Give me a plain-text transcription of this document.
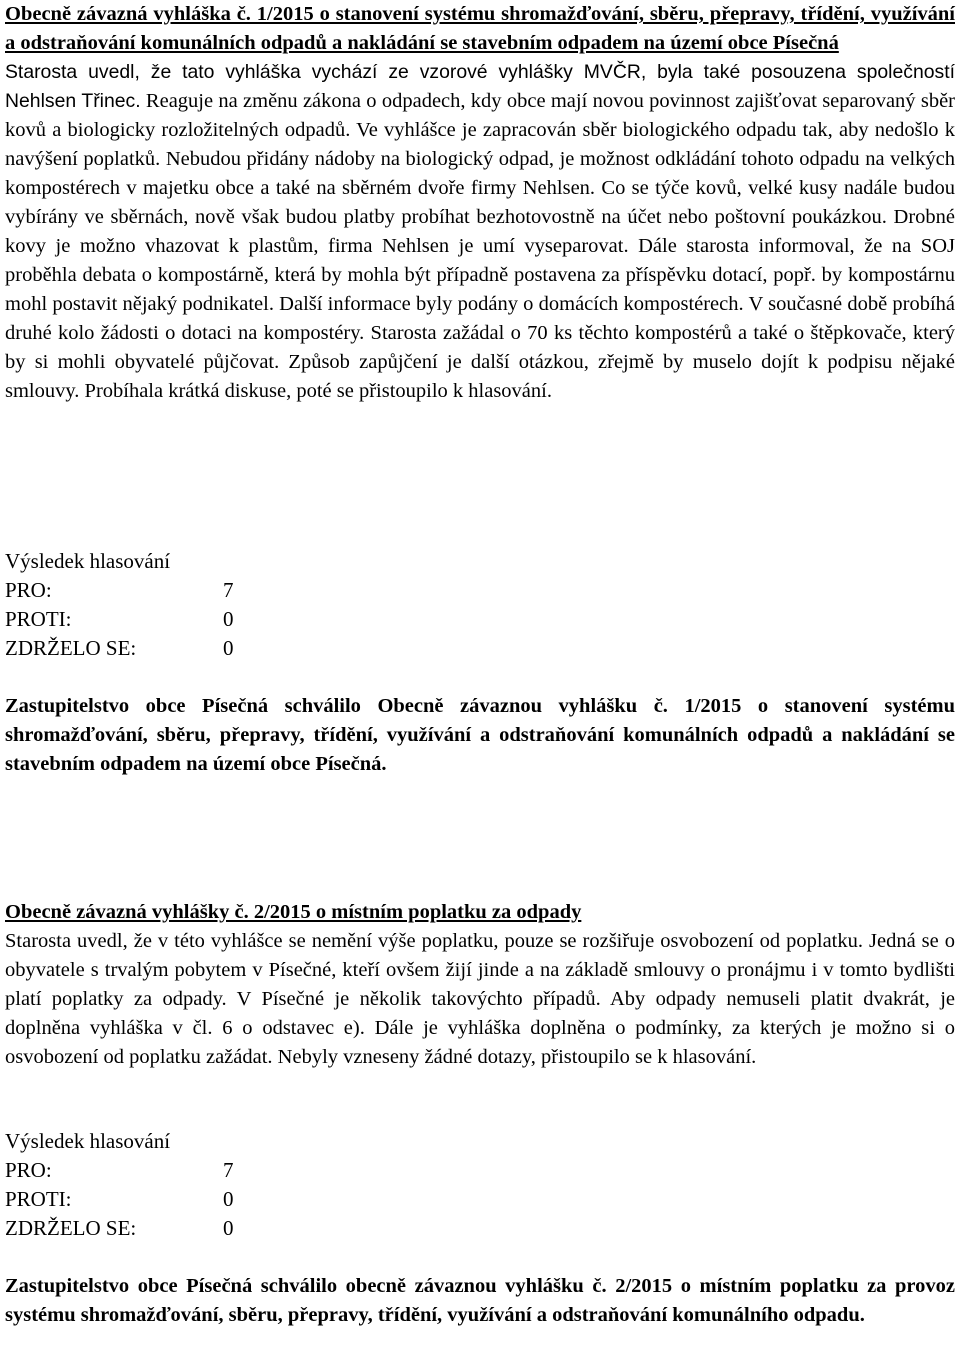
Obecně závazná vyhláška č. 1/2015 o stanovení systému shromažďování, sběru, přepravy, třídění, využívání a odstraňování komunálních odpadů a nakládání se stavebním odpadem na území obce Písečná

Starosta uvedl, že tato vyhláška vychází ze vzorové vyhlášky MVČR, byla také posouzena společností Nehlsen Třinec. Reaguje na změnu zákona o odpadech, kdy obce mají novou povinnost zajišťovat separovaný sběr kovů a biologicky rozložitelných odpadů. Ve vyhlášce je zapracován sběr biologického odpadu tak, aby nedošlo k navýšení poplatků. Nebudou přidány nádoby na biologický odpad, je možnost odkládání tohoto odpadu na velkých kompostérech v majetku obce a také na sběrném dvoře firmy Nehlsen. Co se týče kovů, velké kusy nadále budou vybírány ve sběrnách, nově však budou platby probíhat bezhotovostně na účet nebo poštovní poukázkou. Drobné kovy je možno vhazovat k plastům, firma Nehlsen je umí vyseparovat. Dále starosta informoval, že na SOJ proběhla debata o kompostárně, která by mohla být případně postavena za příspěvku dotací, popř. by kompostárnu mohl postavit nějaký podnikatel. Další informace byly podány o domácích kompostérech. V současné době probíhá druhé kolo žádosti o dotaci na kompostéry. Starosta zažádal o 70 ks těchto kompostérů a také o štěpkovače, který by si mohli obyvatelé půjčovat. Způsob zapůjčení je další otázkou, zřejmě by muselo dojít k podpisu nějaké smlouvy. Probíhala krátká diskuse, poté se přistoupilo k hlasování.

Výsledek hlasování

PRO:	7
PROTI:	0
ZDRŽELO SE:	0

Zastupitelstvo obce Písečná schválilo Obecně závaznou vyhlášku č. 1/2015 o stanovení systému shromažďování, sběru, přepravy, třídění, využívání a odstraňování komunálních odpadů a nakládání se stavebním odpadem na území obce Písečná.

Obecně závazná vyhlášky č. 2/2015 o místním poplatku za odpady

Starosta uvedl, že v této vyhlášce se nemění výše poplatku, pouze se rozšiřuje osvobození od poplatku. Jedná se o obyvatele s trvalým pobytem v Písečné, kteří ovšem žijí jinde a na základě smlouvy o pronájmu i v tomto bydlišti platí poplatky za odpady. V Písečné je několik takovýchto případů. Aby odpady nemuseli platit dvakrát, je doplněna vyhláška v čl. 6 o odstavec e). Dále je vyhláška doplněna o podmínky, za kterých je možno si o osvobození od poplatku zažádat. Nebyly vzneseny žádné dotazy, přistoupilo se k hlasování.

Výsledek hlasování

PRO:	7
PROTI:	0
ZDRŽELO SE:	0

Zastupitelstvo obce Písečná schválilo obecně závaznou vyhlášku č. 2/2015 o místním poplatku za provoz systému shromažďování, sběru, přepravy, třídění, využívání a odstraňování komunálního odpadu.
